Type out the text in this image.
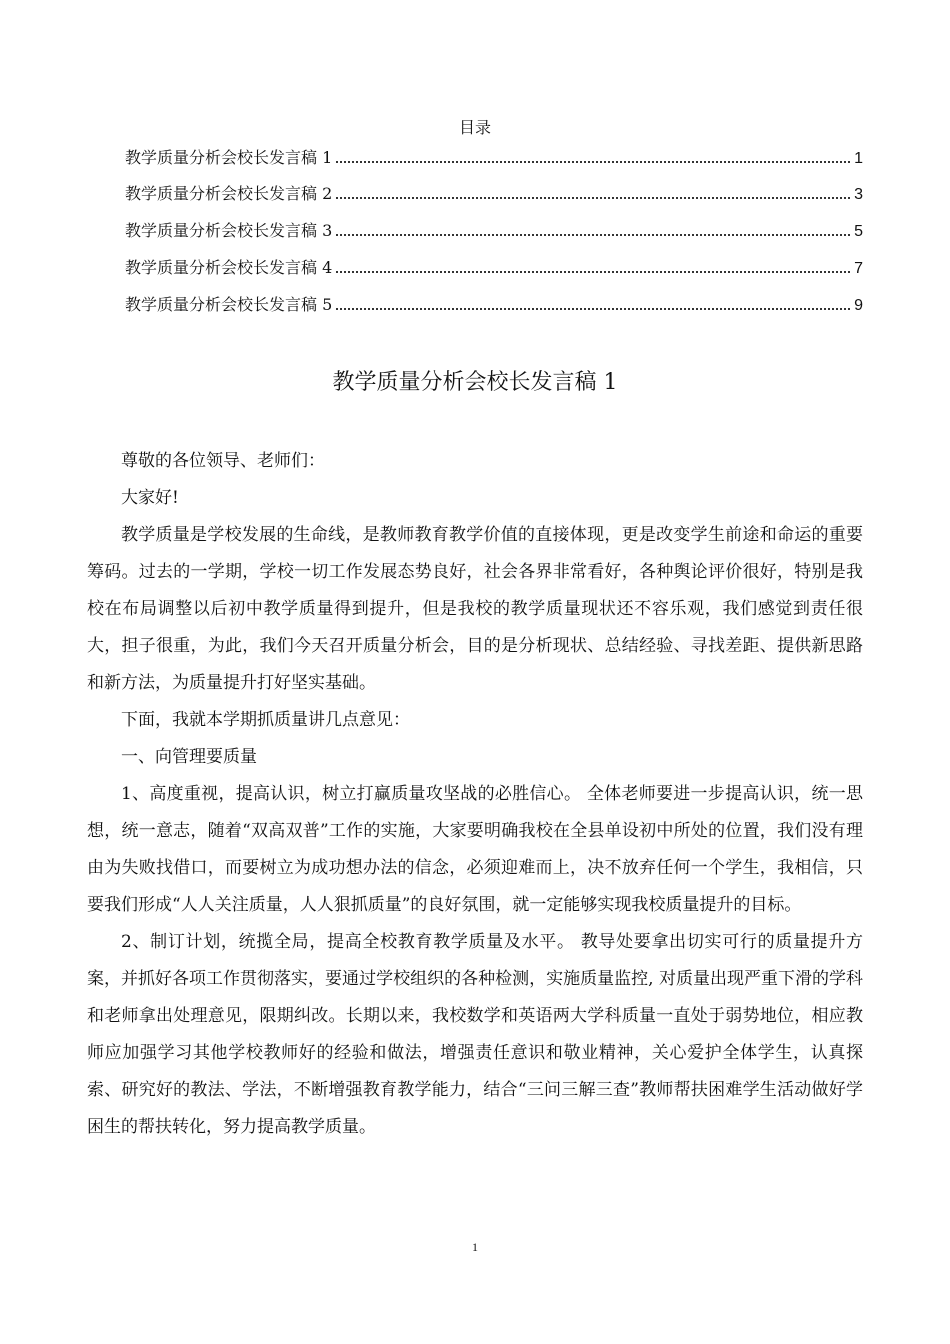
目录
教学质量分析会校长发言稿 1	1
教学质量分析会校长发言稿 2	3
教学质量分析会校长发言稿 3	5
教学质量分析会校长发言稿 4	7
教学质量分析会校长发言稿 5	9
教学质量分析会校长发言稿 1

尊敬的各位领导、老师们：

大家好!

教学质量是学校发展的生命线，是教师教育教学价值的直接体现，更是改变学生前途和命运的重要筹码。过去的一学期，学校一切工作发展态势良好，社会各界非常看好，各种舆论评价很好，特别是我校在布局调整以后初中教学质量得到提升，但是我校的教学质量现状还不容乐观，我们感觉到责任很大，担子很重，为此，我们今天召开质量分析会，目的是分析现状、总结经验、寻找差距、提供新思路和新方法，为质量提升打好坚实基础。

下面，我就本学期抓质量讲几点意见：

一、向管理要质量

1、高度重视，提高认识，树立打赢质量攻坚战的必胜信心。 全体老师要进一步提高认识，统一思想，统一意志，随着“双高双普”工作的实施，大家要明确我校在全县单设初中所处的位置，我们没有理由为失败找借口，而要树立为成功想办法的信念，必须迎难而上，决不放弃任何一个学生，我相信，只要我们形成“人人关注质量，人人狠抓质量”的良好氛围，就一定能够实现我校质量提升的目标。

2、制订计划，统揽全局，提高全校教育教学质量及水平。 教导处要拿出切实可行的质量提升方案，并抓好各项工作贯彻落实，要通过学校组织的各种检测，实施质量监控, 对质量出现严重下滑的学科和老师拿出处理意见，限期纠改。长期以来，我校数学和英语两大学科质量一直处于弱势地位，相应教师应加强学习其他学校教师好的经验和做法，增强责任意识和敬业精神，关心爱护全体学生，认真探索、研究好的教法、学法，不断增强教育教学能力，结合“三问三解三查”教师帮扶困难学生活动做好学困生的帮扶转化，努力提高教学质量。

1
